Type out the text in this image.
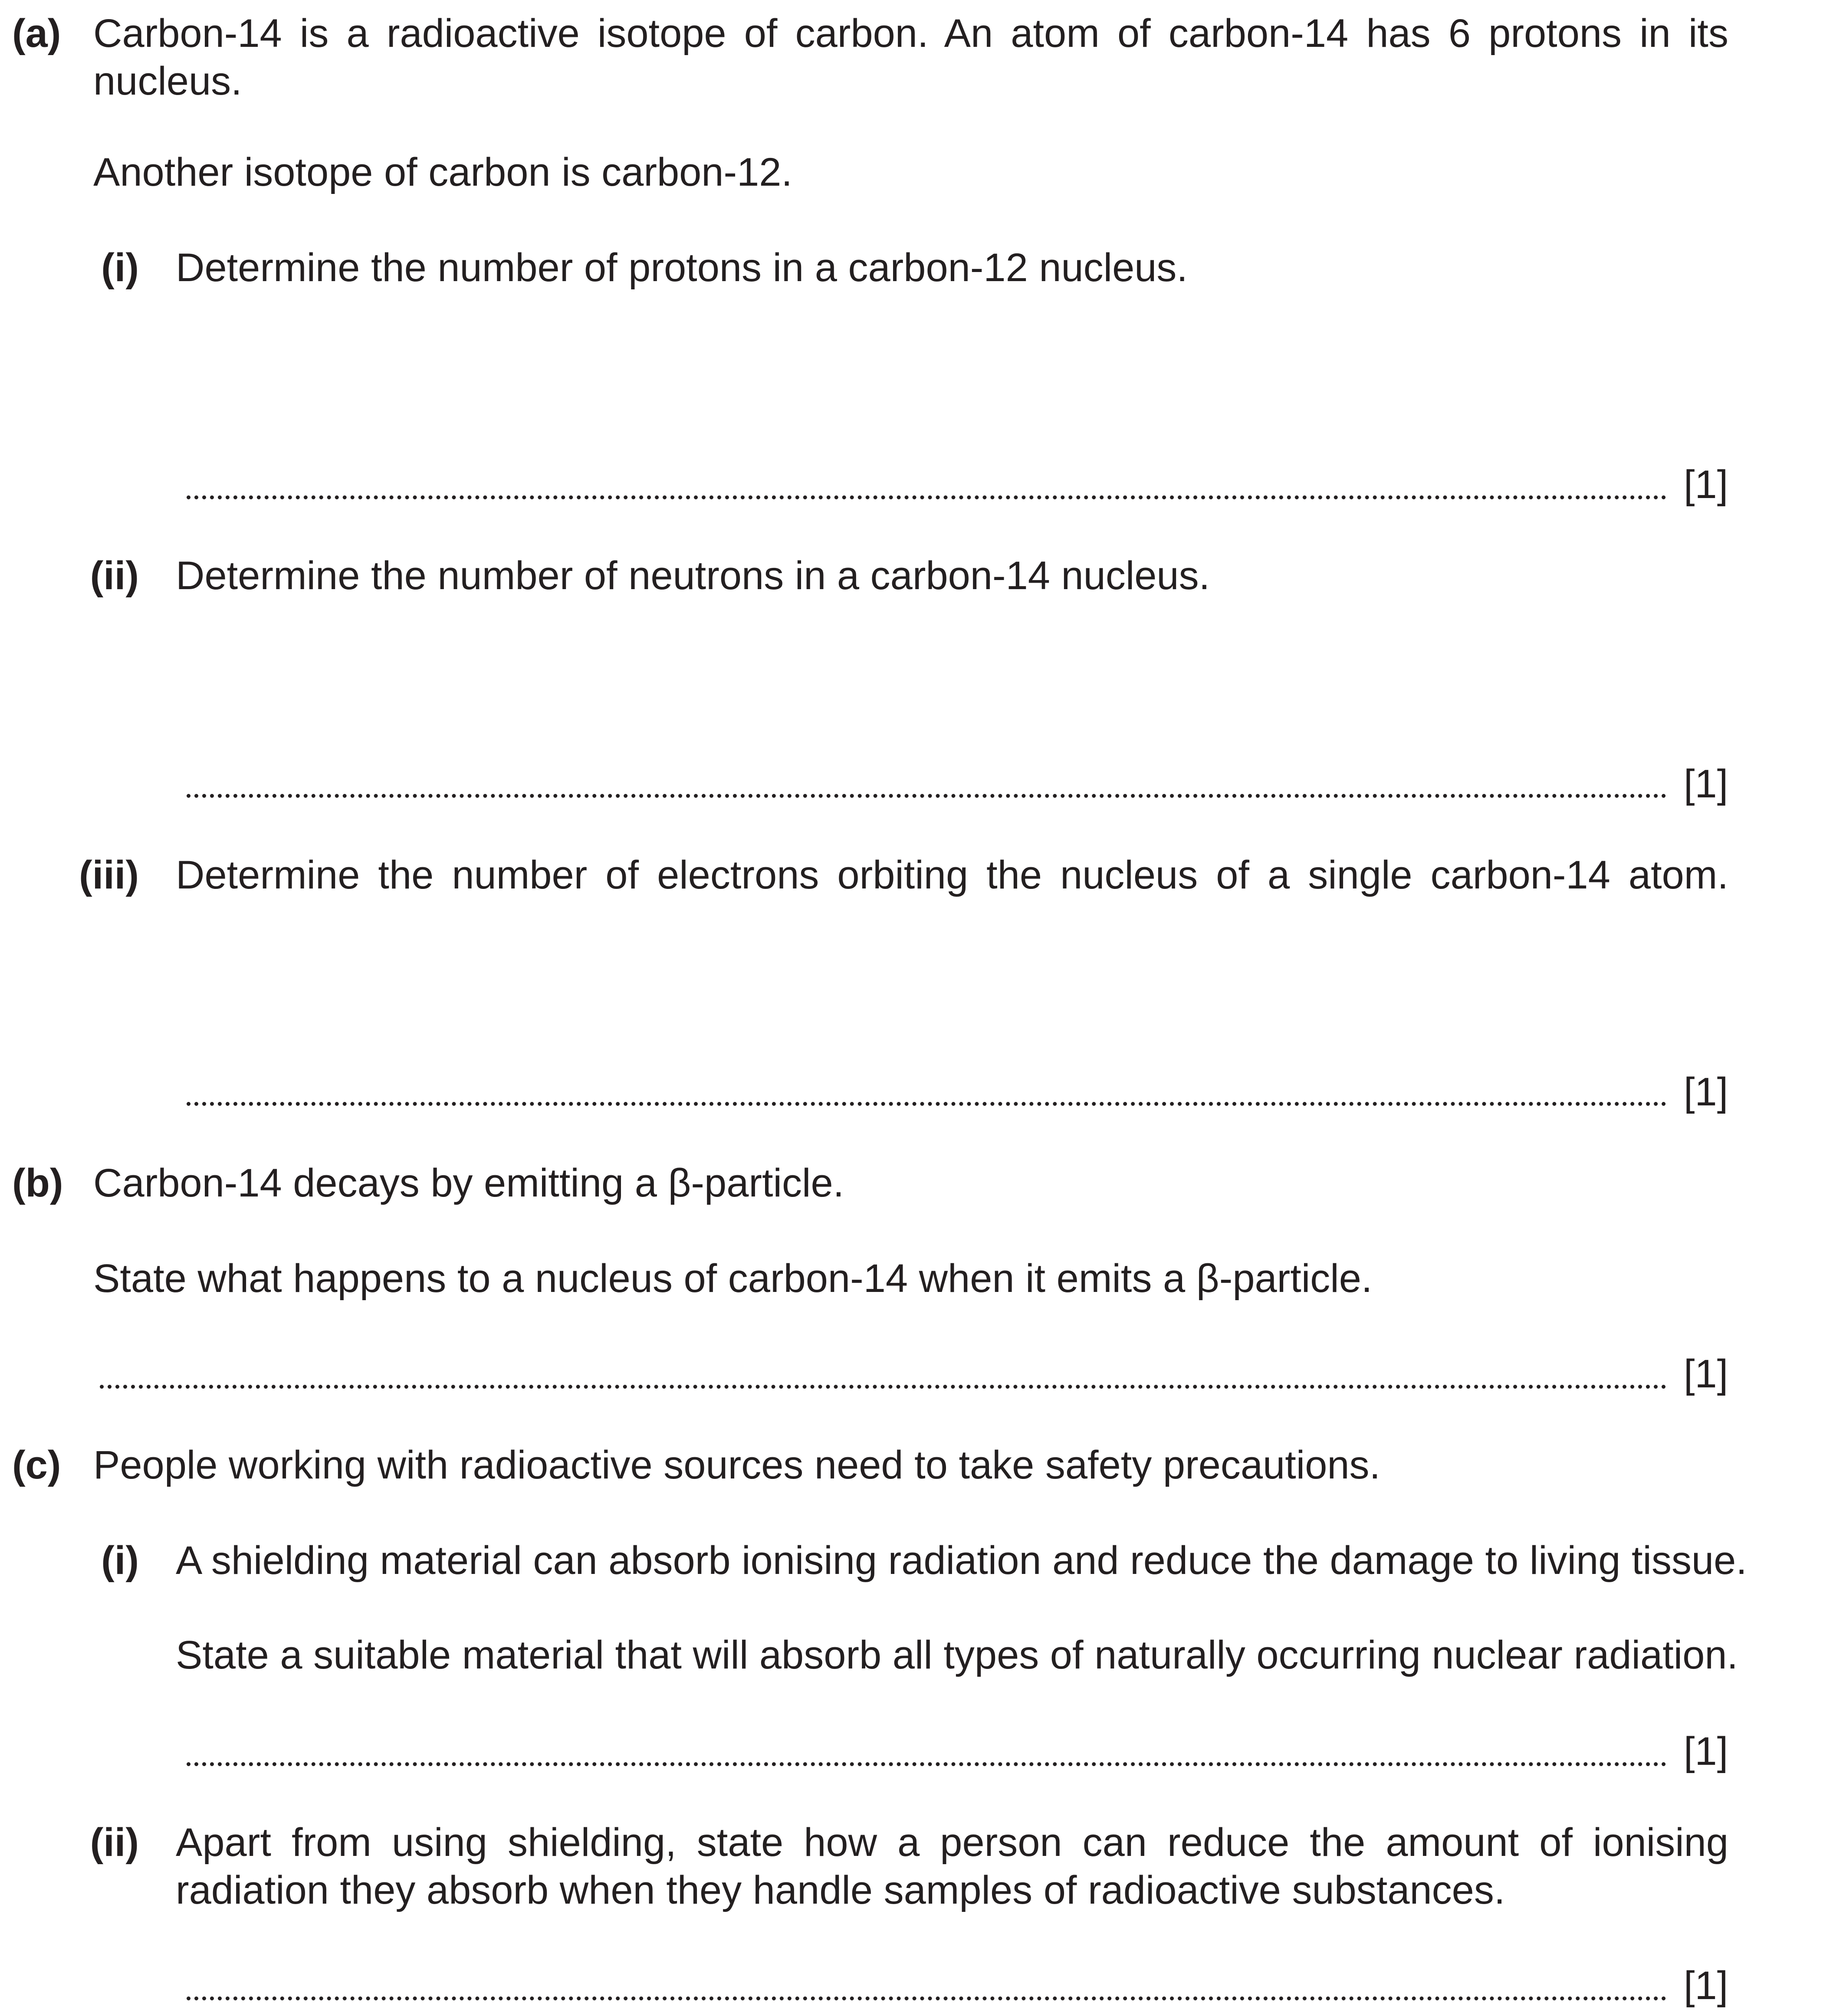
(a) Carbon-14 is a radioactive isotope of carbon. An atom of carbon-14 has 6 protons in its
nucleus.
Another isotope of carbon is carbon-12.
(i) Determine the number of protons in a carbon-12 nucleus.
[1]
(ii) Determine the number of neutrons in a carbon-14 nucleus.
[1]
(iii) Determine the number of electrons orbiting the nucleus of a single carbon-14 atom.
[1]
(b) Carbon-14 decays by emitting a β-particle.
State what happens to a nucleus of carbon-14 when it emits a β-particle.
[1]
(c) People working with radioactive sources need to take safety precautions.
(i) A shielding material can absorb ionising radiation and reduce the damage to living tissue.
State a suitable material that will absorb all types of naturally occurring nuclear radiation.
[1]
(ii) Apart from using shielding, state how a person can reduce the amount of ionising
radiation they absorb when they handle samples of radioactive substances.
[1]
